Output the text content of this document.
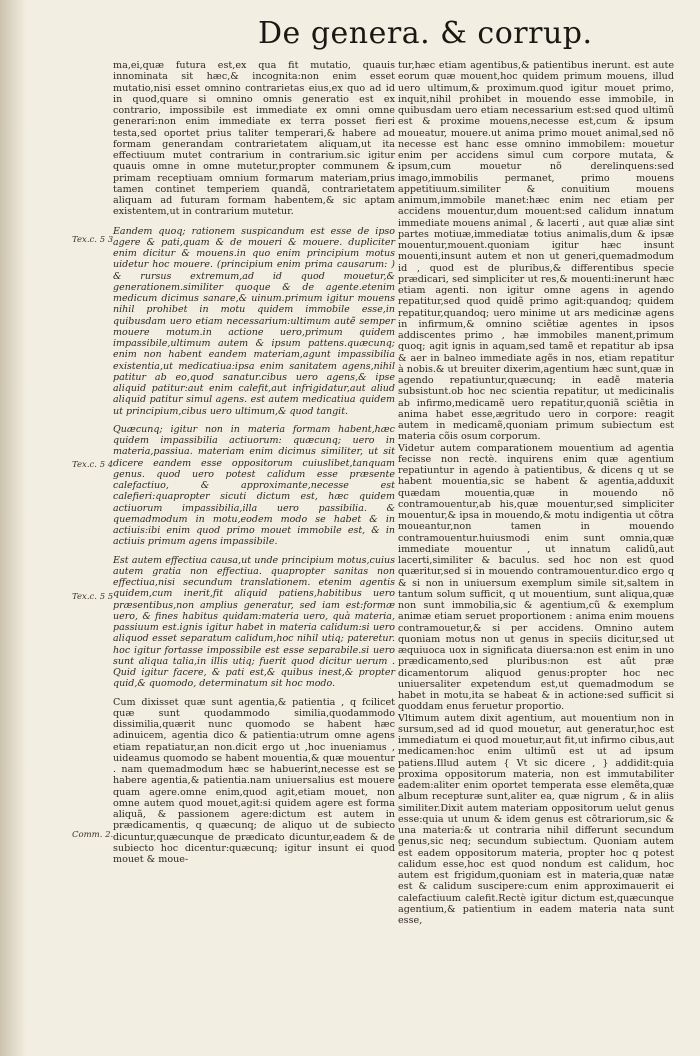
De genera. & corrup.
Tex.c. 5 3
Tex.c. 5 4
Tex.c. 5 5
Comm. 2.

ma,ei,quæ futura est,ex qua fit mutatio, quauis innominata sit hæc,& incognita:non enim esset mutatio,nisi esset omnino contrarietas eius,ex quo ad id in quod,quare si omnino omnis generatio est ex contrario, impossibile est immediate ex omni omne generari:non enim immediate ex terra posset fieri testa,sed oportet prius taliter temperari,& habere ad formam generandam contrarietatem aliquam,ut ita effectiuum mutet contrarium in contrarium.sic igitur quauis omne in omne mutetur,propter communem & primam receptiuam omnium formarum materiam,prius tamen continet temperiem quandã, contrarietatem aliquam ad futuram formam habentem,& sic aptam existentem,ut in contrarium mutetur.

Eandem quoq; rationem suspicandum est esse de ipso agere & pati,quam & de moueri & mouere. dupliciter enim dicitur & mouens.in quo enim principium motus uidetur hoc mouere. (principium enim prima causarum: ) & rursus extremum,ad id quod mouetur,& generationem.similiter quoque & de agente.etenim medicum dicimus sanare,& uinum.primum igitur mouens nihil prohibet in motu quidem immobile esse,in quibusdam uero etiam necessarium:ultimum autẽ semper mouere motum.in actione uero,primum quidem impassibile,ultimum autem & ipsum pattens.quæcunq; enim non habent eandem materiam,agunt impassibilia existentia,ut medicatiua:ipsa enim sanitatem agens,nihil patitur ab eo,quod sanatur.cibus uero agens,& ipse aliquid patitur:aut enim calefit,aut infrigidatur,aut aliud aliquid patitur simul agens. est autem medicatiua quidem ut principium,cibus uero ultimum,& quod tangit.

Quæcunq; igitur non in materia formam habent,hæc quidem impassibilia actiuorum: quæcunq; uero in materia,passiua. materiam enim dicimus similiter, ut sit dicere eandem esse oppositorum cuiuslibet,tanquam genus. quod uero potest calidum esse præsente calefactiuo, & approximante,necesse est calefieri:quapropter sicuti dictum est, hæc quidem actiuorum impassibilia,illa uero passibilia. & quemadmodum in motu,eodem modo se habet & in actiuis:ibi enim quod primo mouet immobile est, & in actiuis primum agens impassibile.

Est autem effectiua causa,ut unde principium motus,cuius autem gratia non effectiua. quapropter sanitas non effectiua,nisi secundum translationem. etenim agentis quidem,cum inerit,fit aliquid patiens,habitibus uero præsentibus,non amplius generatur, sed iam est:formæ uero, & fines habitus quidam:materia uero, quà materia, passiuum est.ignis igitur habet in materia calidum:si uero aliquod esset separatum calidum,hoc nihil utiq; pateretur. hoc igitur fortasse impossibile est esse separabile.si uero sunt aliqua talia,in illis utiq; fuerit quod dicitur uerum . Quid igitur facere, & pati est,& quibus inest,& propter quid,& quomodo, determinatum sit hoc modo.

Cum dixisset quæ sunt agentia,& patientia , q fcilicet quæ sunt quodammodo similia,quodammodo dissimilia,quærit nunc quomodo se habent hæc adinuicem, agentia dico & patientia:utrum omne agens etiam repatiatur,an non.dicit ergo ut ,hoc inueniamus , uideamus quomodo se habent mouentia,& quæ mouentur . nam quemadmodum hæc se habuerint,necesse est se habere agentia,& patientia.nam uniuersalius est mouere quam agere.omne enim,quod agit,etiam mouet, non omne autem quod mouet,agit:si quidem agere est forma aliquã, & passionem agere:dictum est autem in prædicamentis, q quæcunq; de aliquo ut de subiecto dicuntur,quæcunque de prædicato dicuntur,eadem & de subiecto hoc dicentur:quæcunq; igitur insunt ei quod mouet & moue-

tur,hæc etiam agentibus,& patientibus inerunt. est aute eorum quæ mouent,hoc quidem primum mouens, illud uero ultimum,& proximum.quod igitur mouet primo, inquit,nihil prohibet in mouendo esse immobile, in quibusdam uero etiam necessarium est:sed quod ultimũ est & proxime mouens,necesse est,cum & ipsum moueatur, mouere.ut anima primo mouet animal,sed nõ necesse est hanc esse omnino immobilem: mouetur enim per accidens simul cum corpore mutata, & ipsum,cum mouetur nõ derelinquens:sed imago,immobilis permanet, primo mouens appetitiuum.similiter & conuitium mouens animum,immobile manet:hæc enim nec etiam per accidens mouentur,dum mouent:sed calidum innatum immediate mouens animal , & lacerti , aut quæ aliæ sint partes motiuæ,immediatæ totius animalis,dum & ipsæ mouentur,mouent.quoniam igitur hæc insunt mouenti,insunt autem et non ut generi,quemadmodum id , quod est de pluribus,& differentibus specie prædicari, sed simpliciter ut res,& mouenti:inerunt hæc etiam agenti. non igitur omne agens in agendo repatitur,sed quod quidẽ primo agit:quandoq; quidem repatitur,quandoq; uero minime ut ars medicinæ agens in infirmum,& omnino sciẽtiæ agentes in ipsos addiscentes primo , hæ immobiles manent,primum quoq; agit ignis in aquam,sed tamẽ et repatitur ab ipsa & aer in balneo immediate agẽs in nos, etiam repatitur à nobis.& ut breuiter dixerim,agentium hæc sunt,quæ in agendo repatiuntur,quæcunq; in eadẽ materia subsistunt.ob hoc nec scientia repatitur, ut medicinalis ab infirmo,medicamẽ uero repatitur,quoniã sciẽtia in anima habet esse,ægritudo uero in corpore: reagit autem in medicamẽ,quoniam primum subiectum est materia cõis osum corporum.

Videtur autem comparationem mouentium ad agentia fecisse non rectè. inquirens enim quæ agentium repatiuntur in agendo à patientibus, & dicens q ut se habent mouentia,sic se habent & agentia,adduxit quædam mouentia,quæ in mouendo nõ contramouentur,ab his,quæ mouentur,sed simpliciter mouentur,& ipsa in mouendo,& motu indigentia ut cõtra moueantur,non tamen in mouendo contramouentur.huiusmodi enim sunt omnia,quæ immediate mouentur , ut innatum calidũ,aut lacerti,similiter & baculus. sed hoc non est quod quæritur,sed si in mouendo contramouentur.dico ergo q & si non in uniuersum exemplum simile sit,saltem in tantum solum sufficit, q ut mouentium, sunt aliqua,quæ non sunt immobilia,sic & agentium,cũ & exemplum animæ etiam seruet proportionem : anima enim mouens contramouetur,& si per accidens. Omnino autem quoniam motus non ut genus in speciis dicitur,sed ut æquiuoca uox in significata diuersa:non est enim in uno prædicamento,sed pluribus:non est aũt præ dicamentorum aliquod genus:propter hoc nec uniuersaliter expetendum est,ut quemadmodum se habet in motu,ita se habeat & in actione:sed sufficit si quoddam enus feruetur proportio.

Vltimum autem dixit agentium, aut mouentium non in sursum,sed ad id quod mouetur, aut generatur,hoc est immediatum ei quod mouetur,aut fit,ut infirmo cibus,aut medicamen:hoc enim ultimũ est ut ad ipsum patiens.Illud autem { Vt sic dicere , } addidit:quia proxima oppositorum materia, non est immutabiliter eadem:aliter enim oportet temperata esse elemẽta,quæ album recepturæ sunt,aliter ea, quæ nigrum , & in aliis similiter.Dixit autem materiam oppositorum uelut genus esse:quia ut unum & idem genus est cõtrariorum,sic & una materia:& ut contraria nihil differunt secundum genus,sic neq; secundum subiectum. Quoniam autem est eadem oppositorum materia, propter hoc q potest calidum esse,hoc est quod nondum est calidum, hoc autem est frigidum,quoniam est in materia,quæ natæ est & calidum suscipere:cum enim approximauerit ei calefactiuum calefit.Rectè igitur dictum est,quæcunque agentium,& patientium in eadem materia nata sunt esse,
